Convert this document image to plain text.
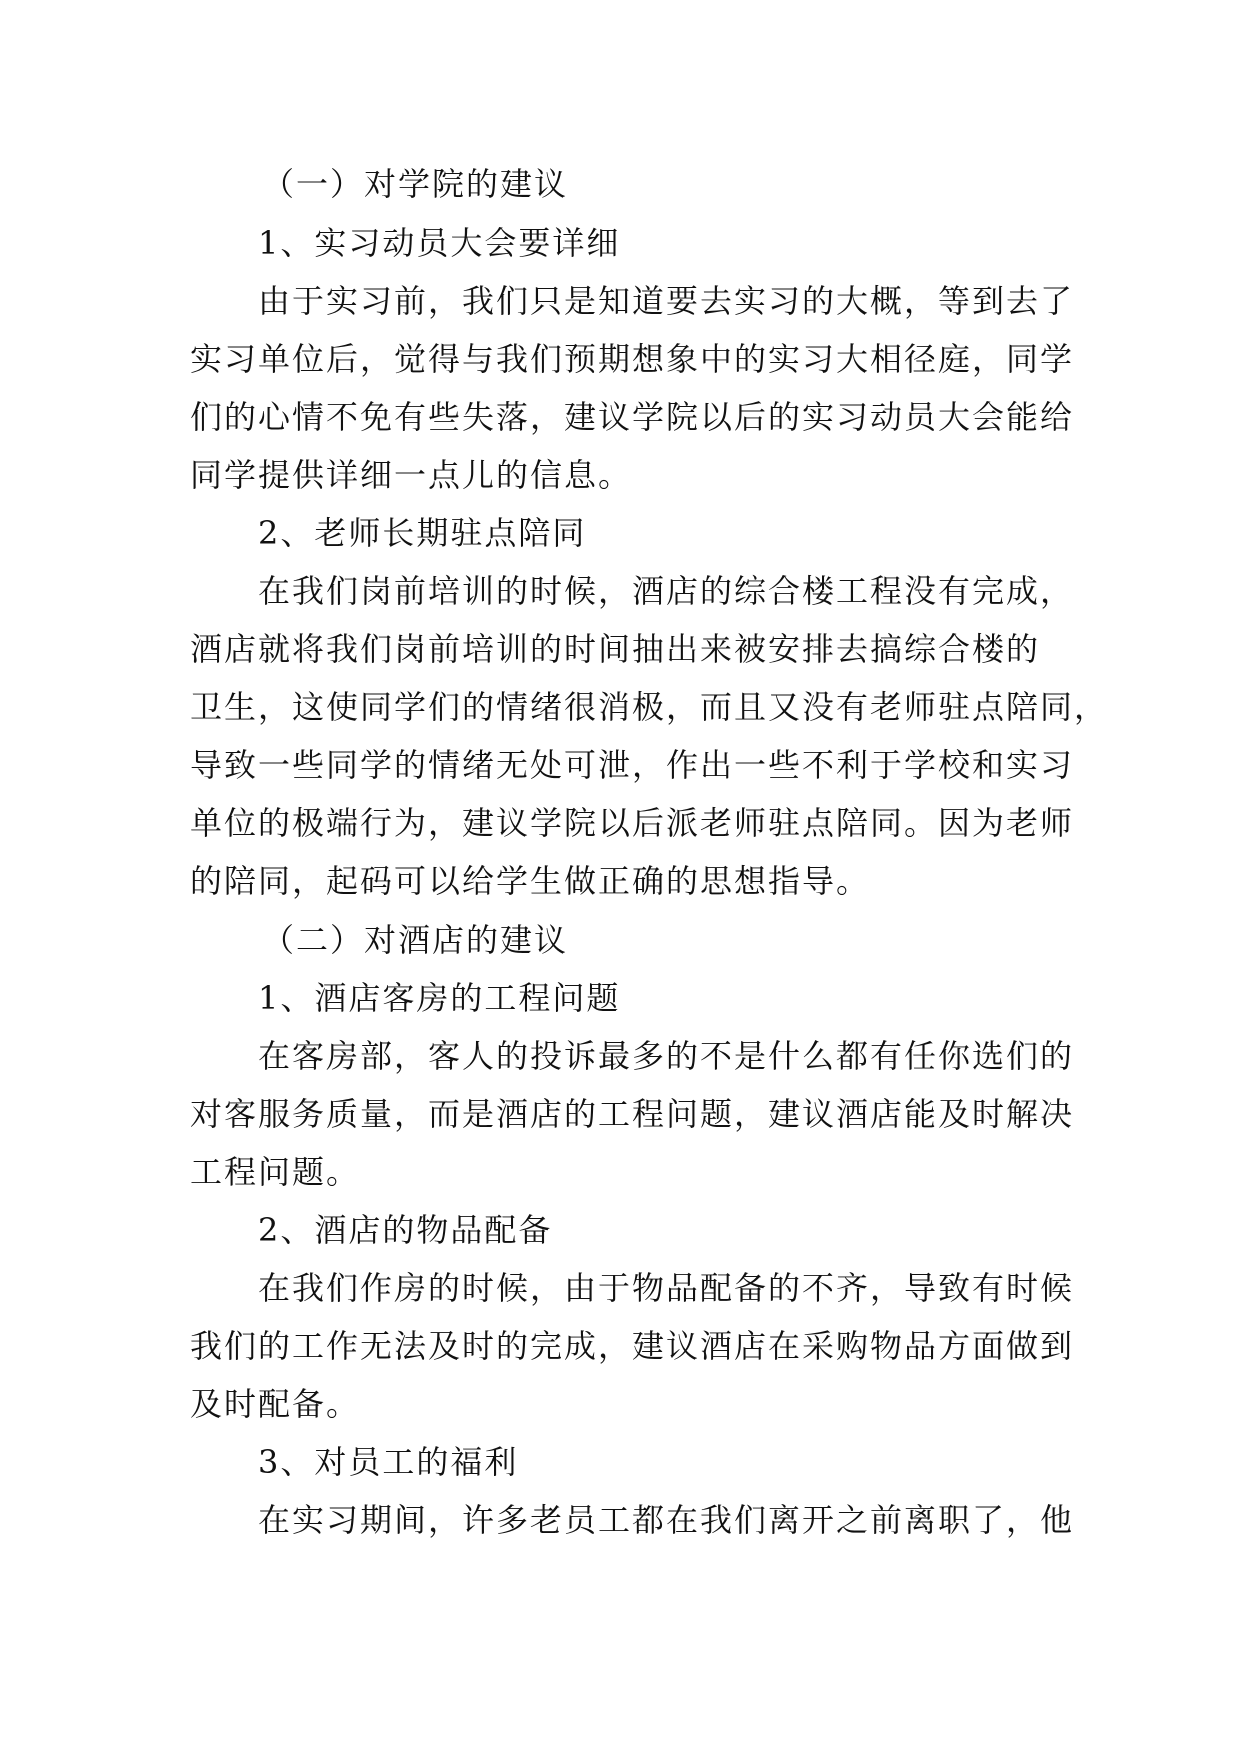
（一）对学院的建议
1、实习动员大会要详细
由于实习前，我们只是知道要去实习的大概，等到去了
实习单位后，觉得与我们预期想象中的实习大相径庭，同学
们的心情不免有些失落，建议学院以后的实习动员大会能给
同学提供详细一点儿的信息。
2、老师长期驻点陪同
在我们岗前培训的时候，酒店的综合楼工程没有完成，
酒店就将我们岗前培训的时间抽出来被安排去搞综合楼的
卫生，这使同学们的情绪很消极，而且又没有老师驻点陪同，
导致一些同学的情绪无处可泄，作出一些不利于学校和实习
单位的极端行为，建议学院以后派老师驻点陪同。因为老师
的陪同，起码可以给学生做正确的思想指导。
（二）对酒店的建议
1、酒店客房的工程问题
在客房部，客人的投诉最多的不是什么都有任你选们的
对客服务质量，而是酒店的工程问题，建议酒店能及时解决
工程问题。
2、酒店的物品配备
在我们作房的时候，由于物品配备的不齐，导致有时候
我们的工作无法及时的完成，建议酒店在采购物品方面做到
及时配备。
3、对员工的福利
在实习期间，许多老员工都在我们离开之前离职了，他
